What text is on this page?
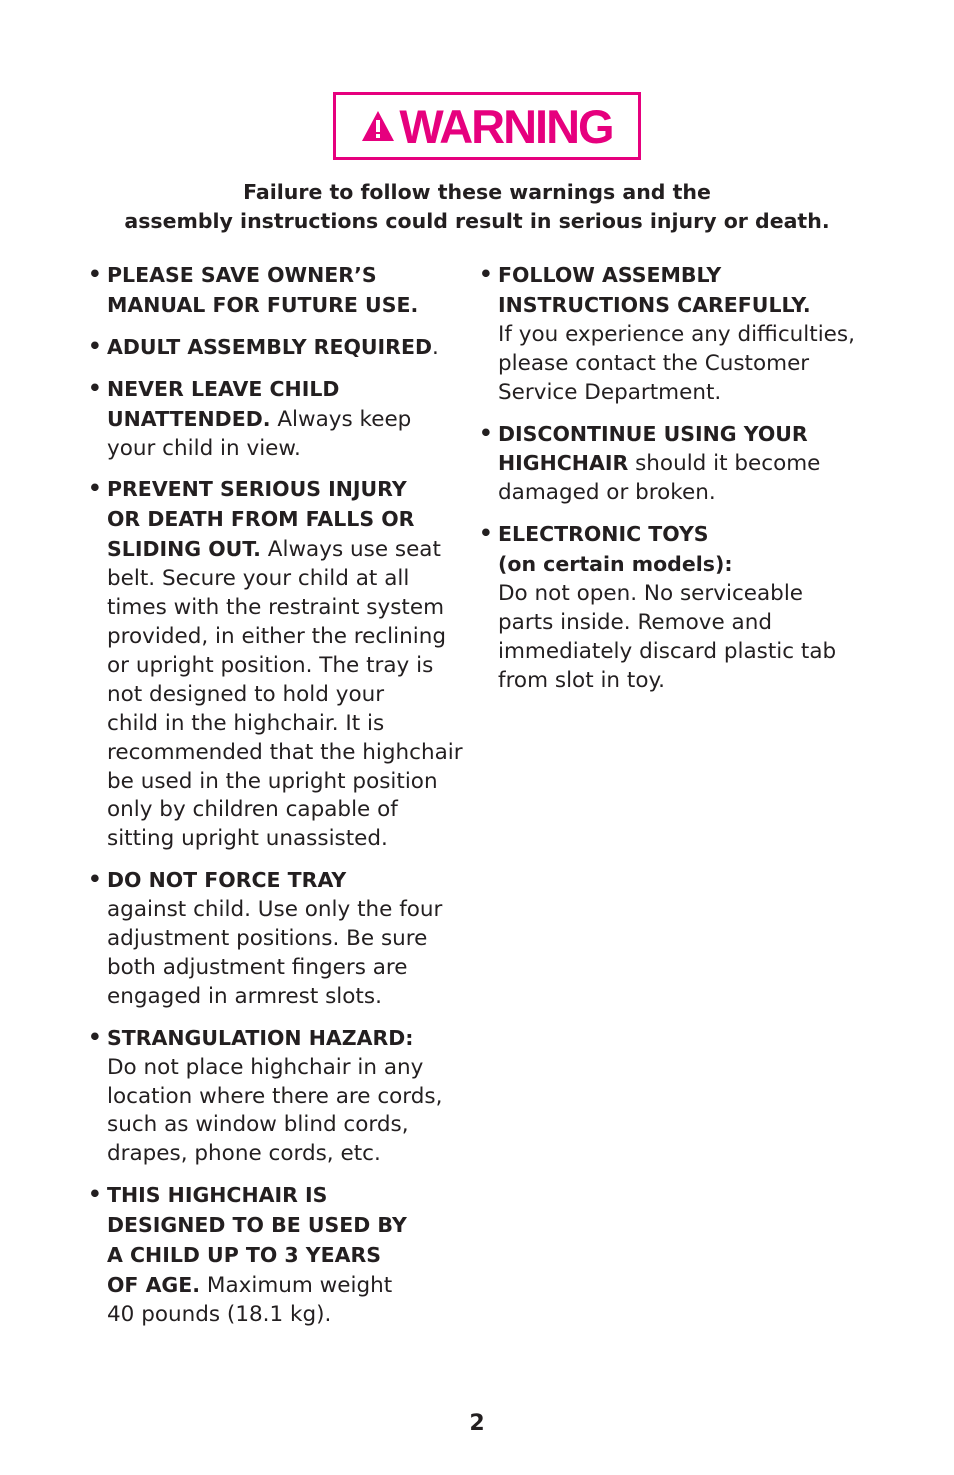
WARNING
Failure to follow these warnings and the
assembly instructions could result in serious injury or death.
• PLEASE SAVE OWNER’S
MANUAL FOR FUTURE USE.
• ADULT ASSEMBLY REQUIRED.
• NEVER LEAVE CHILD
UNATTENDED. Always keep
your child in view.
• PREVENT SERIOUS INJURY
OR DEATH FROM FALLS OR
SLIDING OUT. Always use seat
belt. Secure your child at all
times with the restraint system
provided, in either the reclining
or upright position. The tray is
not designed to hold your
child in the highchair. It is
recommended that the highchair
be used in the upright position
only by children capable of
sitting upright unassisted.
• DO NOT FORCE TRAY
against child. Use only the four
adjustment positions. Be sure
both adjustment fingers are
engaged in armrest slots.
• STRANGULATION HAZARD:
Do not place highchair in any
location where there are cords,
such as window blind cords,
drapes, phone cords, etc.
• THIS HIGHCHAIR IS
DESIGNED TO BE USED BY
A CHILD UP TO 3 YEARS
OF AGE. Maximum weight
40 pounds (18.1 kg).
• FOLLOW ASSEMBLY
INSTRUCTIONS CAREFULLY.
If you experience any difficulties,
please contact the Customer
Service Department.
• DISCONTINUE USING YOUR
HIGHCHAIR should it become
damaged or broken.
• ELECTRONIC TOYS
(on certain models):
Do not open. No serviceable
parts inside. Remove and
immediately discard plastic tab
from slot in toy.
2
